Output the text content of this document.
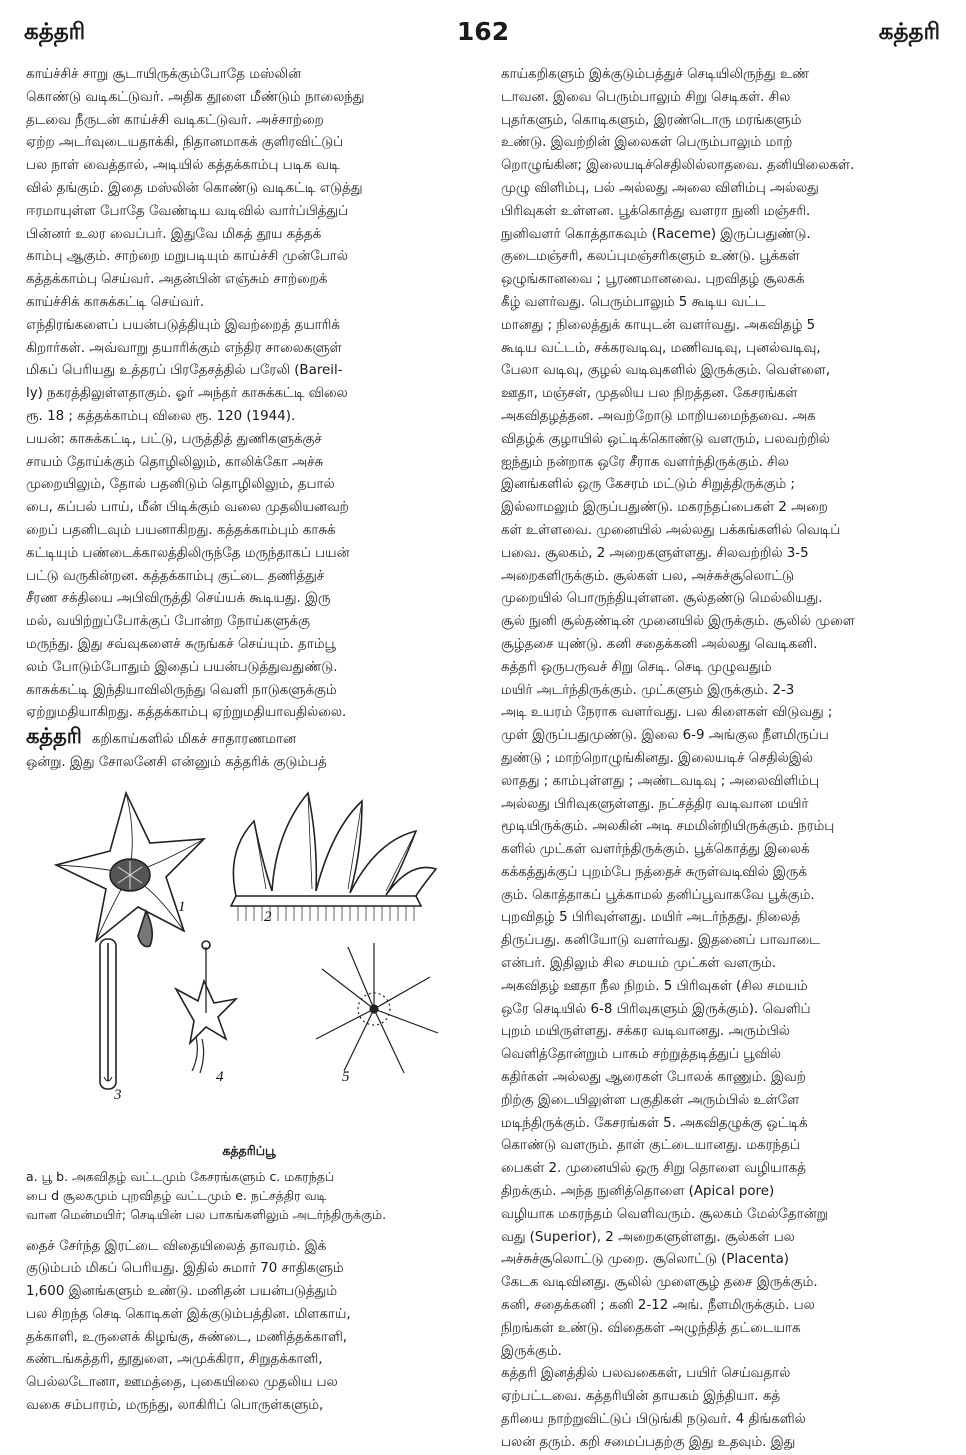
கத்தரி	162	கத்தரி

காய்ச்சிச் சாறு சூடாயிருக்கும்போதே மஸ்லின்

கொண்டு வடிகட்டுவர். அதிக தூளை மீண்டும் நாலைந்து

தடவை நீருடன் காய்ச்சி வடிகட்டுவர். அச்சாற்றை

ஏற்ற அடர்வுடையதாக்கி, நிதானமாகக் குளிரவிட்டுப்

பல நாள் வைத்தால், அடியில் கத்தக்காம்பு படிக வடி

வில் தங்கும். இதை மஸ்லின் கொண்டு வடிகட்டி எடுத்து

ஈரமாயுள்ள போதே வேண்டிய வடிவில் வார்ப்பித்துப்

பின்னர் உலர வைப்பர். இதுவே மிகத் தூய கத்தக்

காம்பு ஆகும். சாற்றை மறுபடியும் காய்ச்சி முன்போல்

கத்தக்காம்பு செய்வர். அதன்பின் எஞ்சும் சாற்றைக்

காய்ச்சிக் காசுக்கட்டி செய்வர்.

எந்திரங்களைப் பயன்படுத்தியும் இவற்றைத் தயாரிக்

கிறார்கள். அவ்வாறு தயாரிக்கும் எந்திர சாலைகளுள்

மிகப் பெரியது உத்தரப் பிரதேசத்தில் பரேலி (Bareil-

ly) நகரத்திலுள்ளதாகும். ஓர் அந்தர் காசுக்கட்டி விலை

ரூ. 18 ; கத்தக்காம்பு விலை ரூ. 120 (1944).

பயன்: காசுக்கட்டி, பட்டு, பருத்தித் துணிகளுக்குச்

சாயம் தோய்க்கும் தொழிலிலும், காலிக்கோ அச்சு

முறையிலும், தோல் பதனிடும் தொழிலிலும், தபால்

பை, கப்பல் பாய், மீன் பிடிக்கும் வலை முதலியனவற்

றைப் பதனிடவும் பயனாகிறது. கத்தக்காம்பும் காசுக்

கட்டியும் பண்டைக்காலத்திலிருந்தே மருந்தாகப் பயன்

பட்டு வருகின்றன. கத்தக்காம்பு குட்டை தணித்துச்

சீரண சக்தியை அபிவிருத்தி செய்யக் கூடியது. இரு

மல், வயிற்றுப்போக்குப் போன்ற நோய்களுக்கு

மருந்து. இது சவ்வுகளைச் சுருங்கச் செய்யும். தாம்பூ

லம் போடும்போதும் இதைப் பயன்படுத்துவதுண்டு.

காசுக்கட்டி இந்தியாவிலிருந்து வெளி நாடுகளுக்கும்

ஏற்றுமதியாகிறது. கத்தக்காம்பு ஏற்றுமதியாவதில்லை.

கத்தரி கறிகாய்களில் மிகச் சாதாரணமான

ஒன்று. இது சோலனேசி என்னும் கத்தரிக் குடும்பத்

1
2
3
4	5

கத்தரிப்பூ

a. பூ b. அகவிதழ் வட்டமும் கேசரங்களும் c. மகரந்தப்

பை d சூலகமும் புறவிதழ் வட்டமும் e. நட்சத்திர வடி

வான மென்மயிர்; செடியின் பல பாகங்களிலும் அடர்ந்திருக்கும்.

தைச் சேர்ந்த இரட்டை விதையிலைத் தாவரம். இக்

குடும்பம் மிகப் பெரியது. இதில் சுமார் 70 சாதிகளும்

1,600 இனங்களும் உண்டு. மனிதன் பயன்படுத்தும்

பல சிறந்த செடி கொடிகள் இக்குடும்பத்தின. மிளகாய்,

தக்காளி, உருளைக் கிழங்கு, சுண்டை, மணித்தக்காளி,

கண்டங்கத்தரி, தூதுளை, அமுக்கிரா, சிறுதக்காளி,

பெல்லடோனா, ஊமத்தை, புகையிலை முதலிய பல

வகை சம்பாரம், மருந்து, லாகிரிப் பொருள்களும்,

காய்கறிகளும் இக்குடும்பத்துச் செடியிலிருந்து உண்

டாவன. இவை பெரும்பாலும் சிறு செடிகள். சில

புதர்களும், கொடிகளும், இரண்டொரு மரங்களும்

உண்டு. இவற்றின் இலைகள் பெரும்பாலும் மாற்

றொழுங்கின; இலையடிச்செதிலில்லாதவை. தனியிலைகள்.

முழு விளிம்பு, பல் அல்லது அலை விளிம்பு அல்லது

பிரிவுகள் உள்ளன. பூக்கொத்து வளரா நுனி மஞ்சரி.

நுனிவளர் கொத்தாகவும் (Raceme) இருப்பதுண்டு.

குடைமஞ்சரி, கலப்புமஞ்சரிகளும் உண்டு. பூக்கள்

ஒழுங்கானவை ; பூரணமானவை. புறவிதழ் சூலகக்

கீழ் வளர்வது. பெரும்பாலும் 5 கூடிய வட்ட

மானது ; நிலைத்துக் காயுடன் வளர்வது. அகவிதழ் 5

கூடிய வட்டம், சக்கரவடிவு, மணிவடிவு, புனல்வடிவு,

பேலா வடிவு, குழல் வடிவுகளில் இருக்கும். வெள்ளை,

ஊதா, மஞ்சள், முதலிய பல நிறத்தன. கேசரங்கள்

அகவிதழத்தன. அவற்றோடு மாறியமைந்தவை. அக

விதழ்க் குழாயில் ஒட்டிக்கொண்டு வளரும், பலவற்றில்

ஐந்தும் நன்றாக ஒரே சீராக வளர்ந்திருக்கும். சில

இனங்களில் ஒரு கேசரம் மட்டும் சிறுத்திருக்கும் ;

இல்லாமலும் இருப்பதுண்டு. மகரந்தப்பைகள் 2 அறை

கள் உள்ளவை. முனையில் அல்லது பக்கங்களில் வெடிப்

பவை. சூலகம், 2 அறைகளுள்ளது. சிலவற்றில் 3-5

அறைகளிருக்கும். சூல்கள் பல, அச்சுச்சூலொட்டு

முறையில் பொருந்தியுள்ளன. சூல்தண்டு மெல்லியது.

சூல் நுனி சூல்தண்டின் முனையில் இருக்கும். சூலில் முளை

சூழ்தசை யுண்டு. கனி சதைக்கனி அல்லது வெடிகனி.

கத்தரி ஒருபருவச் சிறு செடி. செடி முழுவதும்

மயிர் அடர்ந்திருக்கும். முட்களும் இருக்கும். 2-3

அடி உயரம் நேராக வளர்வது. பல கிளைகள் விடுவது ;

முள் இருப்பதுமுண்டு. இலை 6-9 அங்குல நீளமிருப்ப

துண்டு ; மாற்றொழுங்கினது. இலையடிச் செதில்இல்

லாதது ; காம்புள்ளது ; அண்டவடிவு ; அலைவிளிம்பு

அல்லது பிரிவுகளுள்ளது. நட்சத்திர வடிவான மயிர்

மூடியிருக்கும். அலகின் அடி சமமின்றியிருக்கும். நரம்பு

களில் முட்கள் வளர்ந்திருக்கும். பூக்கொத்து இலைக்

கக்கத்துக்குப் புறம்பே நத்தைச் சுருள்வடிவில் இருக்

கும். கொத்தாகப் பூக்காமல் தனிப்பூவாகவே பூக்கும்.

புறவிதழ் 5 பிரிவுள்ளது. மயிர் அடர்ந்தது. நிலைத்

திருப்பது. கனியோடு வளர்வது. இதனைப் பாவாடை

என்பர். இதிலும் சில சமயம் முட்கள் வளரும்.

அகவிதழ் ஊதா நீல நிறம். 5 பிரிவுகள் (சில சமயம்

ஒரே செடியில் 6-8 பிரிவுகளும் இருக்கும்). வெளிப்

புறம் மயிருள்ளது. சக்கர வடிவானது. அரும்பில்

வெளித்தோன்றும் பாகம் சற்றுத்தடித்துப் பூவில்

கதிர்கள் அல்லது ஆரைகள் போலக் காணும். இவற்

றிற்கு இடையிலுள்ள பகுதிகள் அரும்பில் உள்ளே

மடிந்திருக்கும். கேசரங்கள் 5. அகவிதழுக்கு ஒட்டிக்

கொண்டு வளரும். தாள் குட்டையானது. மகரந்தப்

பைகள் 2. முனையில் ஒரு சிறு தொளை வழியாகத்

திறக்கும். அந்த நுனித்தொளை (Apical pore)

வழியாக மகரந்தம் வெளிவரும். சூலகம் மேல்தோன்று

வது (Superior), 2 அறைகளுள்ளது. சூல்கள் பல

அச்சுச்சூலொட்டு முறை. சூலொட்டு (Placenta)

கேடக வடிவினது. சூலில் முளைசூழ் தசை இருக்கும்.

கனி, சதைக்கனி ; கனி 2-12 அங். நீளமிருக்கும். பல

நிறங்கள் உண்டு. விதைகள் அழுந்தித் தட்டையாக

இருக்கும்.

கத்தரி இனத்தில் பலவகைகள், பயிர் செய்வதால்

ஏற்பட்டவை. கத்தரியின் தாயகம் இந்தியா. கத்

தரியை நாற்றுவிட்டுப் பிடுங்கி நடுவர். 4 திங்களில்

பலன் தரும். கறி சமைப்பதற்கு இது உதவும். இது
